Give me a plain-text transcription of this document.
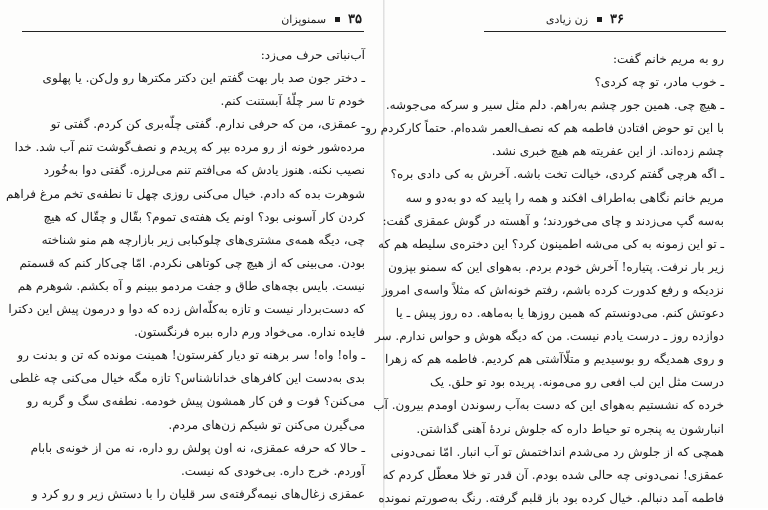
۳۵  سمنوپزان
آب‌نباتی حرف می‌زد:
ـ دختر جون صد بار بهت گفتم این دکتر مکترها رو ول‌کن. یا پهلوی
خودم تا سر چلّهٔ آبستنت کنم.
ـ عمقزی، من که حرفی ندارم. گفتی چلّه‌بری کن کردم. گفتی تو
مرده‌شور خونه از رو مرده بپر که پریدم و نصف‌گوشت تنم آب شد. خدا
نصیب نکنه. هنوز یادش که می‌افتم تنم می‌لرزه. گفتی دوا به‌خُورد
شوهرت بده که دادم. خیال می‌کنی روزی چهل تا نطفه‌ی تخم مرغ فراهم
کردن کار آسونی بود؟ اونم یک هفته‌ی تموم؟ بقّال و چقّال که هیچ
چی، دیگه همه‌ی مشتری‌های چلوکبابی زیر بازارچه هم منو شناخته
بودن. می‌بینی که از هیچ چی کوتاهی نکردم. امّا چی‌کار کنم که قسمتم
نیست. بایس بچه‌های طاق و جفت مردمو ببینم و آه بکشم. شوهرم هم
که دست‌بردار نیست و تازه به‌کلّه‌اش زده که دوا و درمون پیش این دکترا
فایده نداره. می‌خواد ورم داره ببره فرنگستون.
ـ واه! واه! سر برهنه تو دیار کفرستون! همینت مونده که تن و بدنت رو
بدی به‌دست این کافرهای خداناشناس؟ تازه مگه خیال می‌کنی چه غلطی
می‌کنن؟ فوت و فن کار همشون پیش خودمه. نطفه‌ی سگ و گربه رو
می‌گیرن می‌کنن تو شیکم زن‌های مردم.
ـ حالا که حرفه عمقزی، نه اون پولش رو داره، نه من از خونه‌ی بابام
آوردم. خرج داره. بی‌خودی که نیست.
عمقزی زغال‌های نیمه‌گرفته‌ی سر قلیان را با دستش زیر و رو کرد و
۳۶  زن زیادی
رو به مریم خانم گفت:
ـ خوب مادر، تو چه کردی؟
ـ هیچ چی. همین جور چشم به‌راهم. دلم مثل سیر و سرکه می‌جوشه.
با این تو حوض افتادن فاطمه هم که نصف‌العمر شده‌ام. حتماً کارکردم رو
چشم زده‌اند. از این عفریته هم هیچ خبری نشد.
ـ اگه هرچی گفتم کردی، خیالت تخت باشه. آخرش به کی دادی بره؟
مریم خانم نگاهی به‌اطراف افکند و همه را پایید که دو به‌دو و سه
به‌سه گپ می‌زدند و چای می‌خوردند؛ و آهسته در گوش عمقزی گفت:
ـ تو این زمونه به کی می‌شه اطمینون کرد؟ این دختره‌ی سلیطه هم که
زیر بار نرفت. پتیاره! آخرش خودم بردم. به‌هوای این که سمنو بپزون
نزدیکه و رفع کدورت کرده باشم، رفتم خونه‌اش که مثلاً واسه‌ی امروز
دعوتش کنم. می‌دونستم که همین روزها یا به‌ماهه. ده روز پیش ـ یا
دوازده روز ـ درست یادم نیست. من که دیگه هوش و حواس ندارم. سر
و روی همدیگه رو بوسیدیم و متلّاآشتی هم کردیم. فاطمه هم که زهرا
درست مثل این لب افعی رو می‌مونه. پریده بود تو حلق. یک
خرده که نشستیم به‌هوای این که دست به‌آب رسوندن اومدم بیرون. آب
انبارشون یه پنجره تو حیاط داره که جلوش نردهٔ آهنی گذاشتن.
همچی که از جلوش رد می‌شدم انداختمش تو آب انبار. امّا نمی‌دونی
عمقزی! نمی‌دونی چه حالی شده بودم. آن قدر تو خلا معطّل کردم که
فاطمه آمد دنبالم. خیال کرده بود باز قلبم گرفته. رنگ به‌صورتم نمونده
